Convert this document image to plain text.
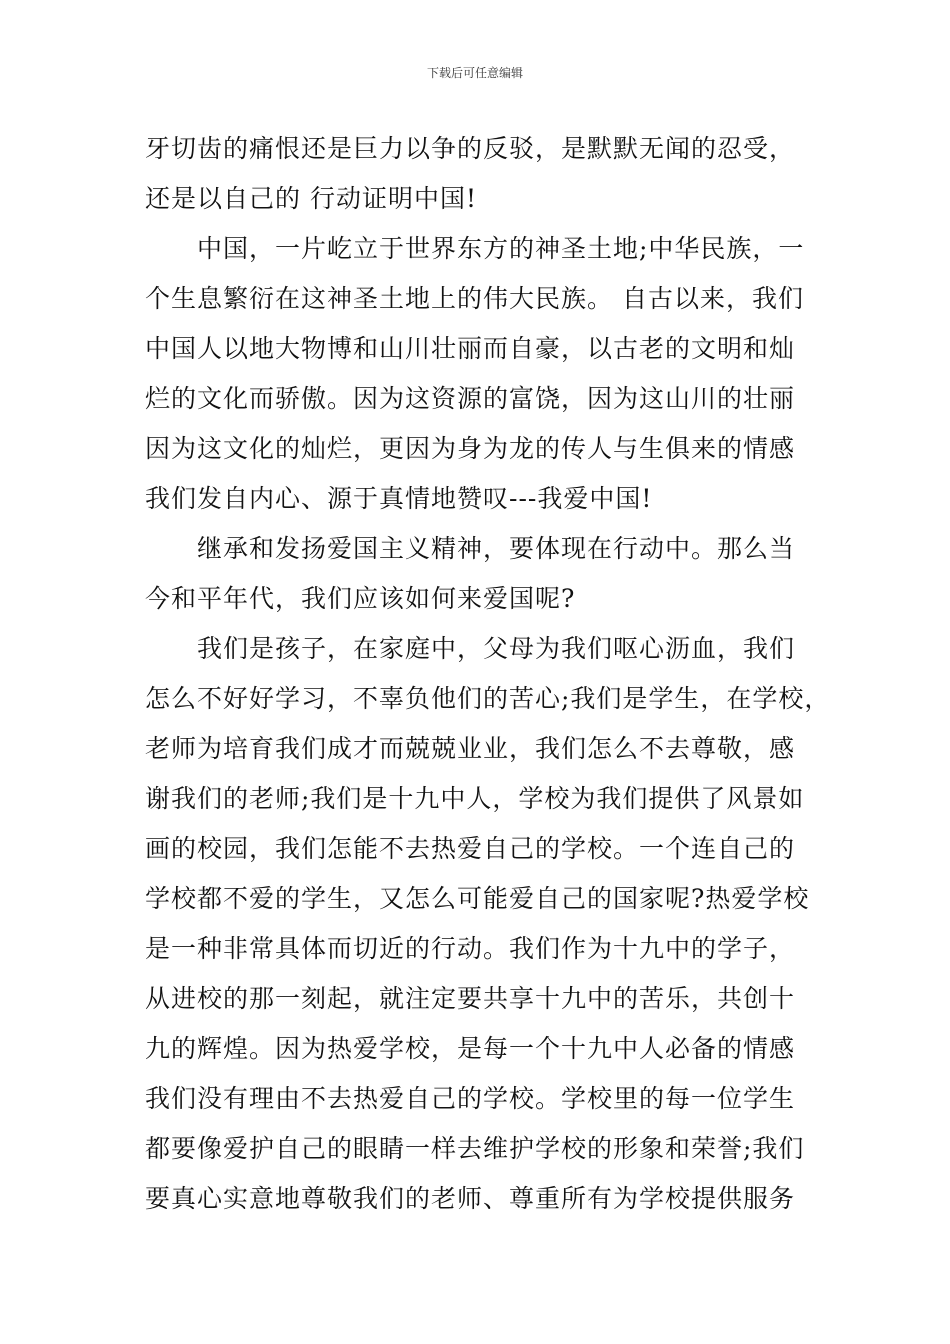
下载后可任意编辑
牙切齿的痛恨还是巨力以争的反驳，是默默无闻的忍受，
还是以自己的 行动证明中国!
中国，一片屹立于世界东方的神圣土地;中华民族，一
个生息繁衍在这神圣土地上的伟大民族。 自古以来，我们
中国人以地大物博和山川壮丽而自豪，以古老的文明和灿
烂的文化而骄傲。因为这资源的富饶，因为这山川的壮丽
因为这文化的灿烂，更因为身为龙的传人与生俱来的情感
我们发自内心、源于真情地赞叹---我爱中国!
继承和发扬爱国主义精神，要体现在行动中。那么当
今和平年代，我们应该如何来爱国呢?
我们是孩子，在家庭中，父母为我们呕心沥血，我们
怎么不好好学习，不辜负他们的苦心;我们是学生，在学校，
老师为培育我们成才而兢兢业业，我们怎么不去尊敬，感
谢我们的老师;我们是十九中人，学校为我们提供了风景如
画的校园，我们怎能不去热爱自己的学校。一个连自己的
学校都不爱的学生，又怎么可能爱自己的国家呢?热爱学校
是一种非常具体而切近的行动。我们作为十九中的学子，
从进校的那一刻起，就注定要共享十九中的苦乐，共创十
九的辉煌。因为热爱学校，是每一个十九中人必备的情感
我们没有理由不去热爱自己的学校。学校里的每一位学生
都要像爱护自己的眼睛一样去维护学校的形象和荣誉;我们
要真心实意地尊敬我们的老师、尊重所有为学校提供服务
